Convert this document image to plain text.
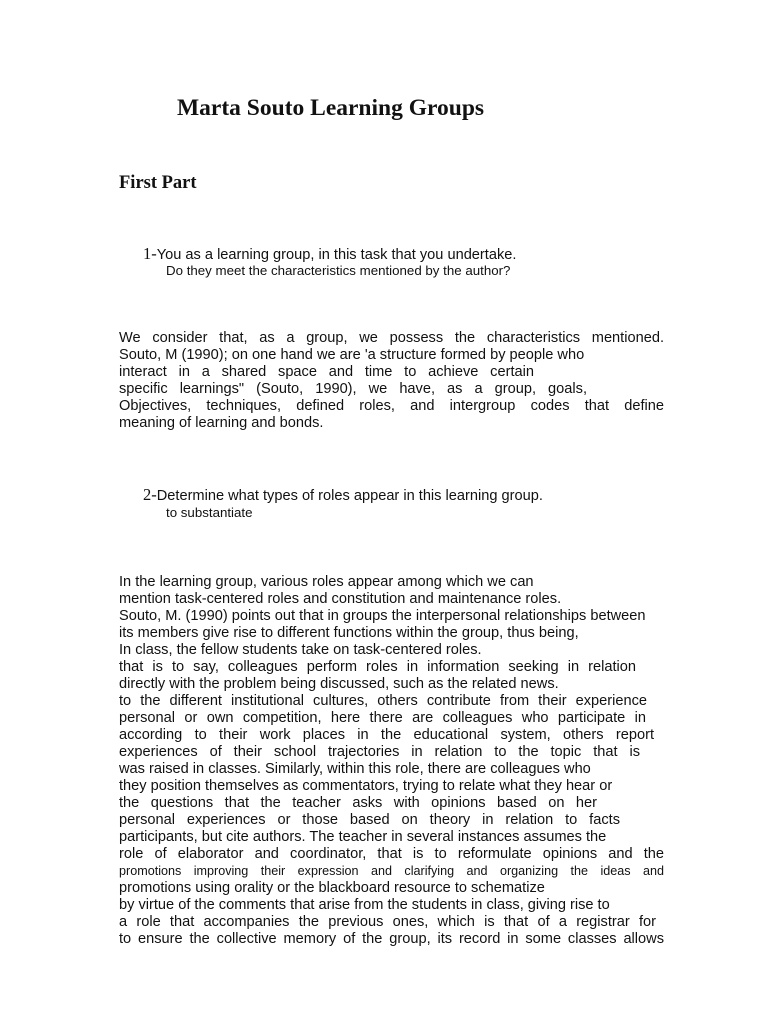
Marta Souto Learning Groups
First Part

1-You as a learning group, in this task that you undertake.

Do they meet the characteristics mentioned by the author?

We consider that, as a group, we possess the characteristics mentioned.
Souto, M (1990); on one hand we are 'a structure formed by people who
interact in a shared space and time to achieve certain
specific learnings" (Souto, 1990), we have, as a group, goals,
Objectives, techniques, defined roles, and intergroup codes that define
meaning of learning and bonds.

2-Determine what types of roles appear in this learning group.

to substantiate

In the learning group, various roles appear among which we can
mention task-centered roles and constitution and maintenance roles.
Souto, M. (1990) points out that in groups the interpersonal relationships between
its members give rise to different functions within the group, thus being,
In class, the fellow students take on task-centered roles.
that is to say, colleagues perform roles in information seeking in relation
directly with the problem being discussed, such as the related news.
to the different institutional cultures, others contribute from their experience
personal or own competition, here there are colleagues who participate in
according to their work places in the educational system, others report
experiences of their school trajectories in relation to the topic that is
was raised in classes. Similarly, within this role, there are colleagues who
they position themselves as commentators, trying to relate what they hear or
the questions that the teacher asks with opinions based on her
personal experiences or those based on theory in relation to facts
participants, but cite authors. The teacher in several instances assumes the
role of elaborator and coordinator, that is to reformulate opinions and the
promotions improving their expression and clarifying and organizing the ideas and
promotions using orality or the blackboard resource to schematize
by virtue of the comments that arise from the students in class, giving rise to
a role that accompanies the previous ones, which is that of a registrar for
to ensure the collective memory of the group, its record in some classes allows
